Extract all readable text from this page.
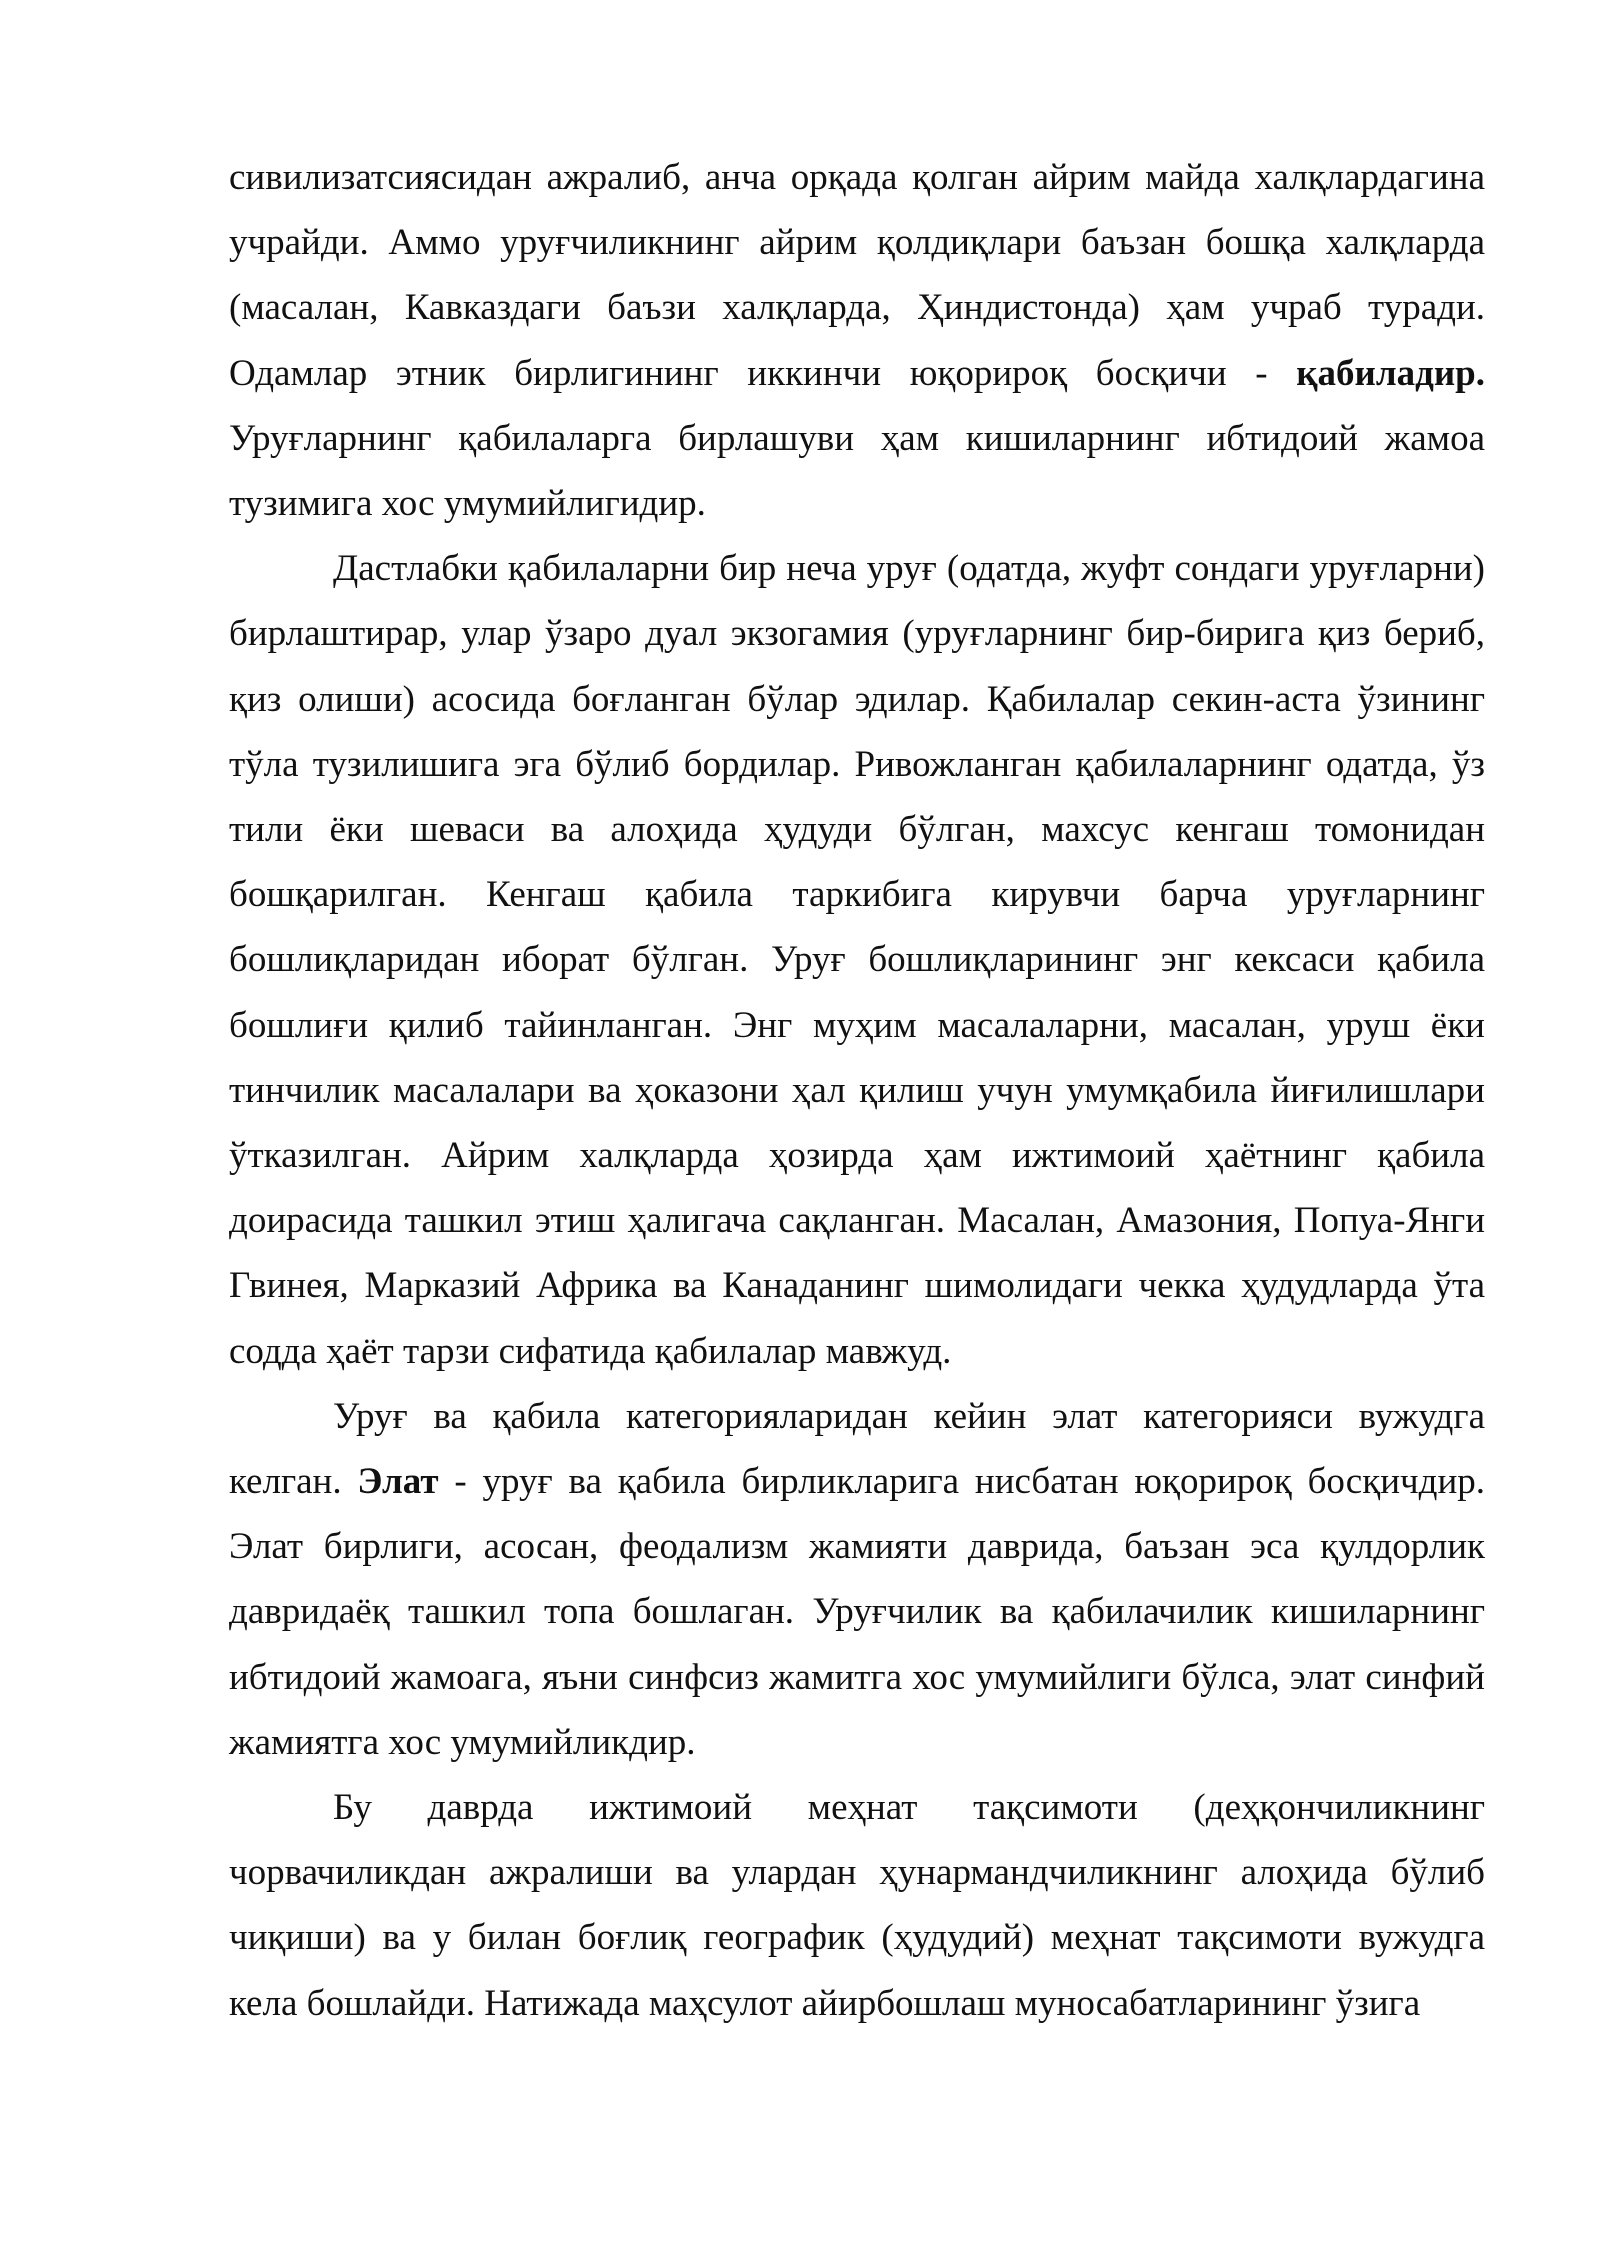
сивилизатсиясидан ажралиб, анча орқада қолган айрим майда халқлардагина учрайди. Аммо уруғчиликнинг айрим қолдиқлари баъзан бошқа халқларда (масалан, Кавказдаги баъзи халқларда, Ҳиндистонда) ҳам учраб туради. Одамлар этник бирлигининг иккинчи юқорироқ босқичи - қабиладир. Уруғларнинг қабилаларга бирлашуви ҳам кишиларнинг ибтидоий жамоа тузимига хос умумийлигидир.

Дастлабки қабилаларни бир неча уруғ (одатда, жуфт сондаги уруғларни) бирлаштирар, улар ўзаро дуал экзогамия (уруғларнинг бир-бирига қиз бериб, қиз олиши) асосида боғланган бўлар эдилар. Қабилалар секин-аста ўзининг тўла тузилишига эга бўлиб бордилар. Ривожланган қабилаларнинг одатда, ўз тили ёки шеваси ва алоҳида ҳудуди бўлган, махсус кенгаш томонидан бошқарилган. Кенгаш қабила таркибига кирувчи барча уруғларнинг бошлиқларидан иборат бўлган. Уруғ бошлиқларининг энг кексаси қабила бошлиғи қилиб тайинланган. Энг муҳим масалаларни, масалан, уруш ёки тинчилик масалалари ва ҳоказони ҳал қилиш учун умумқабила йиғилишлари ўтказилган. Айрим халқларда ҳозирда ҳам ижтимоий ҳаётнинг қабила доирасида ташкил этиш ҳалигача сақланган. Масалан, Амазония, Попуа-Янги Гвинея, Марказий Африка ва Канаданинг шимолидаги чекка ҳудудларда ўта содда ҳаёт тарзи сифатида қабилалар мавжуд.

Уруғ ва қабила категорияларидан кейин элат категорияси вужудга келган. Элат - уруғ ва қабила бирликларига нисбатан юқорироқ босқичдир. Элат бирлиги, асосан, феодализм жамияти даврида, баъзан эса қулдорлик давридаёқ ташкил топа бошлаган. Уруғчилик ва қабилачилик кишиларнинг ибтидоий жамоага, яъни синфсиз жамитга хос умумийлиги бўлса, элат синфий жамиятга хос умумийликдир.

Бу даврда ижтимоий меҳнат тақсимоти (деҳқончиликнинг чорвачиликдан ажралиши ва улардан ҳунармандчиликнинг алоҳида бўлиб чиқиши) ва у билан боғлиқ географик (ҳудудий) меҳнат тақсимоти вужудга кела бошлайди. Натижада маҳсулот айирбошлаш муносабатларининг ўзига
